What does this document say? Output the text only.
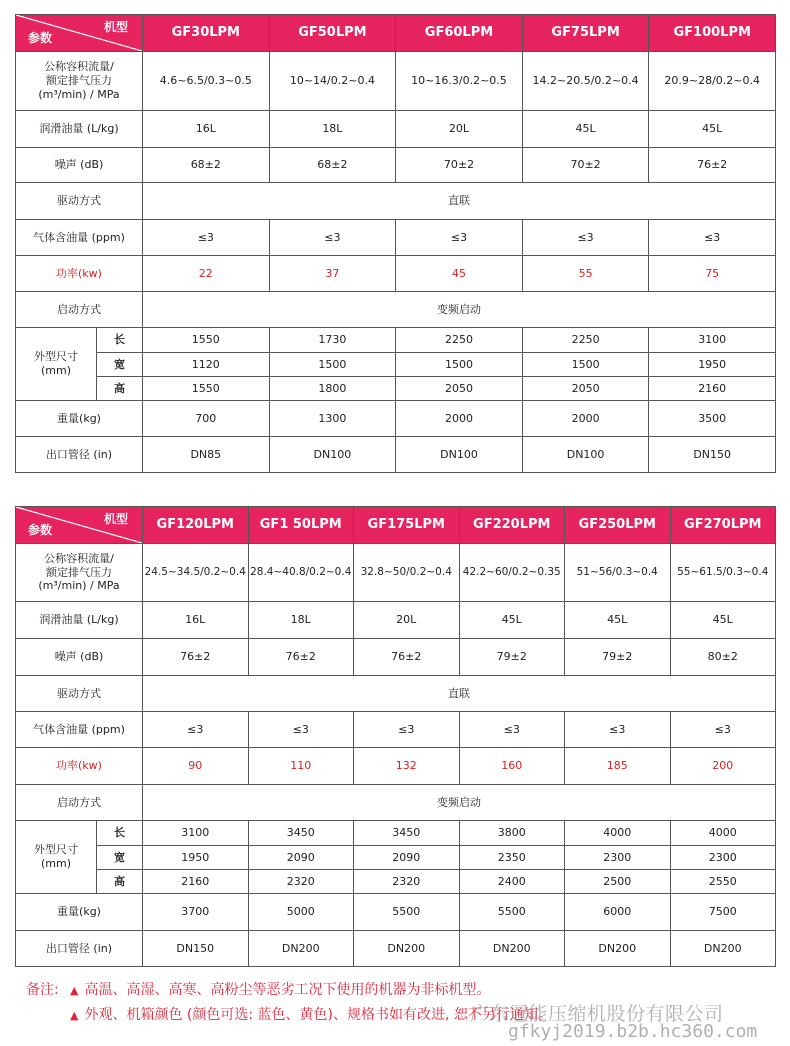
机型
参数		GF30LPM	GF50LPM	GF60LPM	GF75LPM	GF100LPM
公称容积流量/
额定排气压力
(m³/min) / MPa		4.6~6.5/0.3~0.5	10~14/0.2~0.4	10~16.3/0.2~0.5	14.2~20.5/0.2~0.4	20.9~28/0.2~0.4
润滑油量 (L/kg)		16L	18L	20L	45L	45L
噪声 (dB)		68±2	68±2	70±2	70±2	76±2
驱动方式		直联				
气体含油量 (ppm)		≤3	≤3	≤3	≤3	≤3
功率(kw)		22	37	45	55	75
启动方式		变频启动				
外型尺寸
(mm)	长	1550	1730	2250	2250	3100
	宽	1120	1500	1500	1500	1950
	高	1550	1800	2050	2050	2160
重量(kg)		700	1300	2000	2000	3500
出口管径 (in)		DN85	DN100	DN100	DN100	DN150
机型
参数		GF120LPM	GF1 50LPM	GF175LPM	GF220LPM	GF250LPM	GF270LPM
公称容积流量/
额定排气压力
(m³/min) / MPa		24.5~34.5/0.2~0.4	28.4~40.8/0.2~0.4	32.8~50/0.2~0.4	42.2~60/0.2~0.35	51~56/0.3~0.4	55~61.5/0.3~0.4
润滑油量 (L/kg)		16L	18L	20L	45L	45L	45L
噪声 (dB)		76±2	76±2	76±2	79±2	79±2	80±2
驱动方式		直联					
气体含油量 (ppm)		≤3	≤3	≤3	≤3	≤3	≤3
功率(kw)		90	110	132	160	185	200
启动方式		变频启动					
外型尺寸
(mm)	长	3100	3450	3450	3800	4000	4000
	宽	1950	2090	2090	2350	2300	2300
	高	2160	2320	2320	2400	2500	2550
重量(kg)		3700	5000	5500	5500	6000	7500
出口管径 (in)		DN150	DN200	DN200	DN200	DN200	DN200
备注: ▲ 高温、高湿、高寒、高粉尘等恶劣工况下使用的机器为非标机型。
▲ 外观、机箱颜色 (颜色可选: 蓝色、黄色)、规格书如有改进, 恕不另行通知。
广东冠能压缩机股份有限公司
gfkyj2019.b2b.hc360.com
